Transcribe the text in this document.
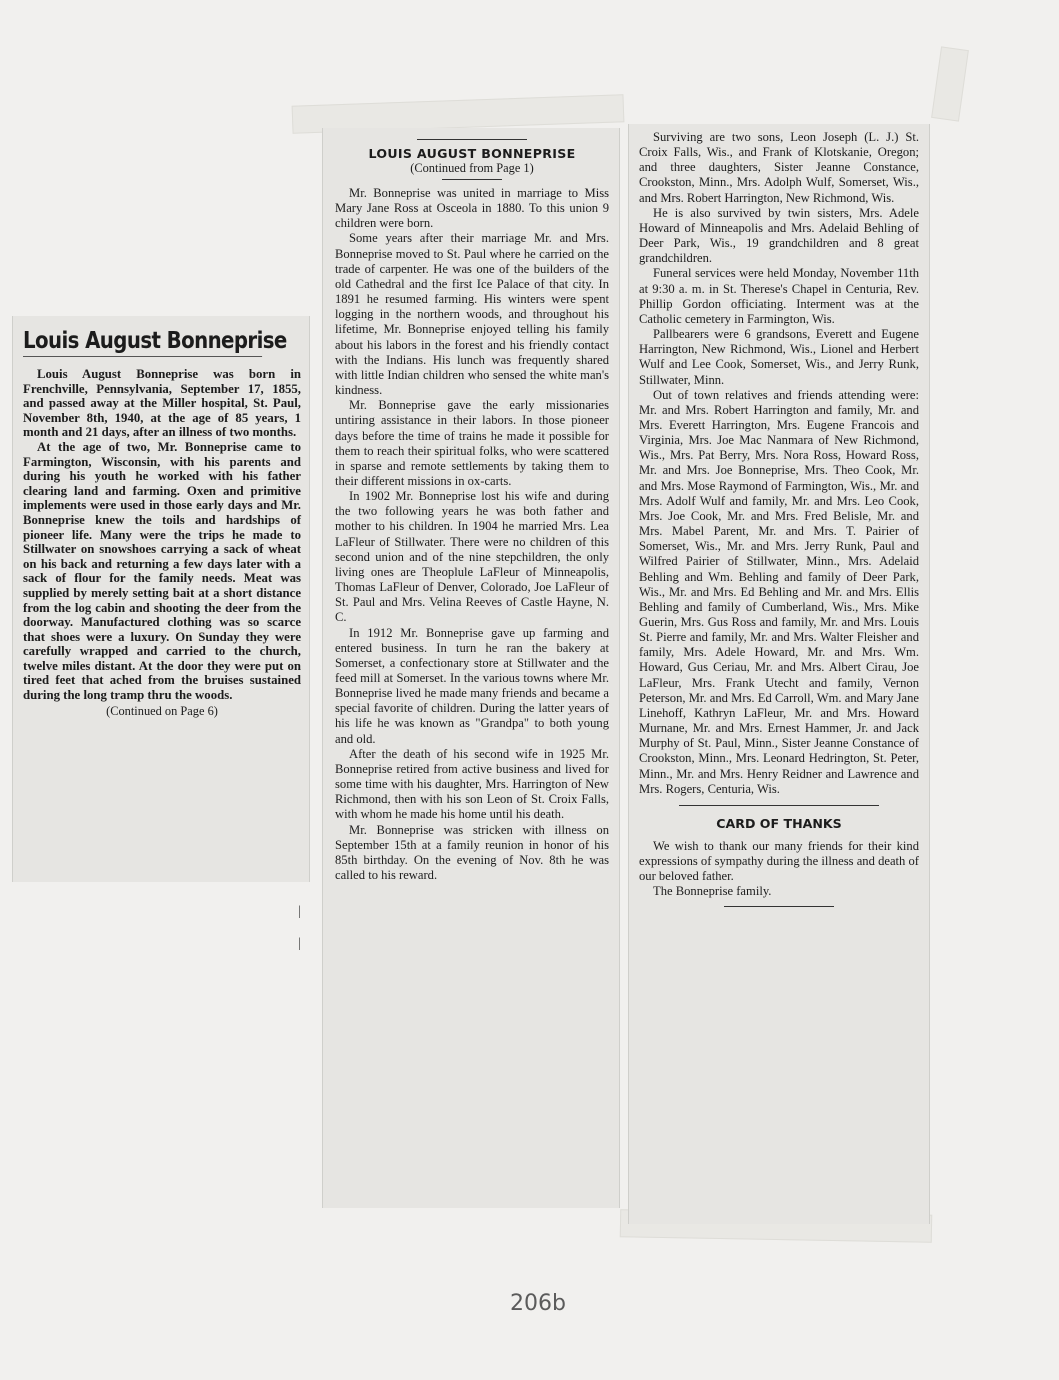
Louis August Bonneprise

Louis August Bonneprise was born in Frenchville, Pennsylvania, September 17, 1855, and passed away at the Miller hospital, St. Paul, November 8th, 1940, at the age of 85 years, 1 month and 21 days, after an illness of two months.

At the age of two, Mr. Bonneprise came to Farmington, Wisconsin, with his parents and during his youth he worked with his father clearing land and farming. Oxen and primitive implements were used in those early days and Mr. Bonneprise knew the toils and hardships of pioneer life. Many were the trips he made to Stillwater on snowshoes carrying a sack of wheat on his back and returning a few days later with a sack of flour for the family needs. Meat was supplied by merely setting bait at a short distance from the log cabin and shooting the deer from the doorway. Manufactured clothing was so scarce that shoes were a luxury. On Sunday they were carefully wrapped and carried to the church, twelve miles distant. At the door they were put on tired feet that ached from the bruises sustained during the long tramp thru the woods.

(Continued on Page 6)
LOUIS AUGUST BONNEPRISE
(Continued from Page 1)

Mr. Bonneprise was united in marriage to Miss Mary Jane Ross at Osceola in 1880. To this union 9 children were born.

Some years after their marriage Mr. and Mrs. Bonneprise moved to St. Paul where he carried on the trade of carpenter. He was one of the builders of the old Cathedral and the first Ice Palace of that city. In 1891 he resumed farming. His winters were spent logging in the northern woods, and throughout his lifetime, Mr. Bonneprise enjoyed telling his family about his labors in the forest and his friendly contact with the Indians. His lunch was frequently shared with little Indian children who sensed the white man's kindness.

Mr. Bonneprise gave the early missionaries untiring assistance in their labors. In those pioneer days before the time of trains he made it possible for them to reach their spiritual folks, who were scattered in sparse and remote settlements by taking them to their different missions in ox-carts.

In 1902 Mr. Bonneprise lost his wife and during the two following years he was both father and mother to his children. In 1904 he married Mrs. Lea LaFleur of Stillwater. There were no children of this second union and of the nine stepchildren, the only living ones are Theoplule LaFleur of Minneapolis, Thomas LaFleur of Denver, Colorado, Joe LaFleur of St. Paul and Mrs. Velina Reeves of Castle Hayne, N. C.

In 1912 Mr. Bonneprise gave up farming and entered business. In turn he ran the bakery at Somerset, a confectionary store at Stillwater and the feed mill at Somerset. In the various towns where Mr. Bonneprise lived he made many friends and became a special favorite of children. During the latter years of his life he was known as "Grandpa" to both young and old.

After the death of his second wife in 1925 Mr. Bonneprise retired from active business and lived for some time with his daughter, Mrs. Harrington of New Richmond, then with his son Leon of St. Croix Falls, with whom he made his home until his death.

Mr. Bonneprise was stricken with illness on September 15th at a family reunion in honor of his 85th birthday. On the evening of Nov. 8th he was called to his reward.

Surviving are two sons, Leon Joseph (L. J.) St. Croix Falls, Wis., and Frank of Klotskanie, Oregon; and three daughters, Sister Jeanne Constance, Crookston, Minn., Mrs. Adolph Wulf, Somerset, Wis., and Mrs. Robert Harrington, New Richmond, Wis.

He is also survived by twin sisters, Mrs. Adele Howard of Minneapolis and Mrs. Adelaid Behling of Deer Park, Wis., 19 grandchildren and 8 great grandchildren.

Funeral services were held Monday, November 11th at 9:30 a. m. in St. Therese's Chapel in Centuria, Rev. Phillip Gordon officiating. Interment was at the Catholic cemetery in Farmington, Wis.

Pallbearers were 6 grandsons, Everett and Eugene Harrington, New Richmond, Wis., Lionel and Herbert Wulf and Lee Cook, Somerset, Wis., and Jerry Runk, Stillwater, Minn.

Out of town relatives and friends attending were: Mr. and Mrs. Robert Harrington and family, Mr. and Mrs. Everett Harrington, Mrs. Eugene Francois and Virginia, Mrs. Joe Mac Nanmara of New Richmond, Wis., Mrs. Pat Berry, Mrs. Nora Ross, Howard Ross, Mr. and Mrs. Joe Bonneprise, Mrs. Theo Cook, Mr. and Mrs. Mose Raymond of Farmington, Wis., Mr. and Mrs. Adolf Wulf and family, Mr. and Mrs. Leo Cook, Mrs. Joe Cook, Mr. and Mrs. Fred Belisle, Mr. and Mrs. Mabel Parent, Mr. and Mrs. T. Pairier of Somerset, Wis., Mr. and Mrs. Jerry Runk, Paul and Wilfred Pairier of Stillwater, Minn., Mrs. Adelaid Behling and Wm. Behling and family of Deer Park, Wis., Mr. and Mrs. Ed Behling and Mr. and Mrs. Ellis Behling and family of Cumberland, Wis., Mrs. Mike Guerin, Mrs. Gus Ross and family, Mr. and Mrs. Louis St. Pierre and family, Mr. and Mrs. Walter Fleisher and family, Mrs. Adele Howard, Mr. and Mrs. Wm. Howard, Gus Ceriau, Mr. and Mrs. Albert Cirau, Joe LaFleur, Mrs. Frank Utecht and family, Vernon Peterson, Mr. and Mrs. Ed Carroll, Wm. and Mary Jane Linehoff, Kathryn LaFleur, Mr. and Mrs. Howard Murnane, Mr. and Mrs. Ernest Hammer, Jr. and Jack Murphy of St. Paul, Minn., Sister Jeanne Constance of Crookston, Minn., Mrs. Leonard Hedrington, St. Peter, Minn., Mr. and Mrs. Henry Reidner and Lawrence and Mrs. Rogers, Centuria, Wis.

CARD OF THANKS

We wish to thank our many friends for their kind expressions of sympathy during the illness and death of our beloved father.

The Bonneprise family.

|
|
206b
